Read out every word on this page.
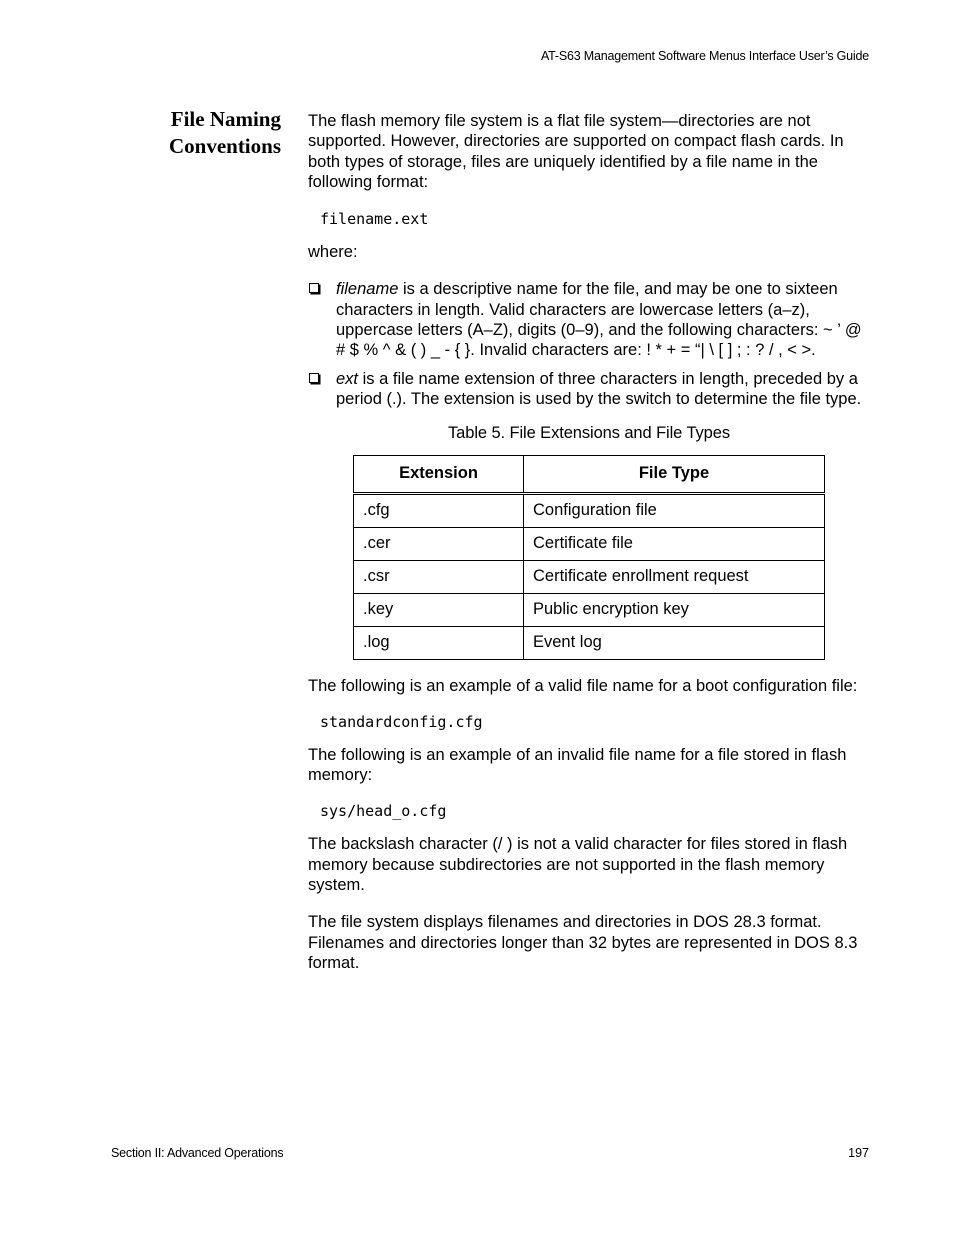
AT-S63 Management Software Menus Interface User’s Guide
File Naming
Conventions

The flash memory file system is a flat file system—directories are not supported. However, directories are supported on compact flash cards. In both types of storage, files are uniquely identified by a file name in the following format:

filename.ext

where:

filename is a descriptive name for the file, and may be one to sixteen characters in length. Valid characters are lowercase letters (a–z), uppercase letters (A–Z), digits (0–9), and the following characters: ~ ’ @ # $ % ^ & ( ) _ - { }. Invalid characters are: ! * + = “| \ [ ] ; : ? / , < >.
ext is a file name extension of three characters in length, preceded by a period (.). The extension is used by the switch to determine the file type.
Table 5. File Extensions and File Types
Extension	File Type
.cfg	Configuration file
.cer	Certificate file
.csr	Certificate enrollment request
.key	Public encryption key
.log	Event log

The following is an example of a valid file name for a boot configuration file:

standardconfig.cfg

The following is an example of an invalid file name for a file stored in flash memory:

sys/head_o.cfg

The backslash character (/ ) is not a valid character for files stored in flash memory because subdirectories are not supported in the flash memory system.

The file system displays filenames and directories in DOS 28.3 format. Filenames and directories longer than 32 bytes are represented in DOS 8.3 format.

Section II: Advanced Operations	197
